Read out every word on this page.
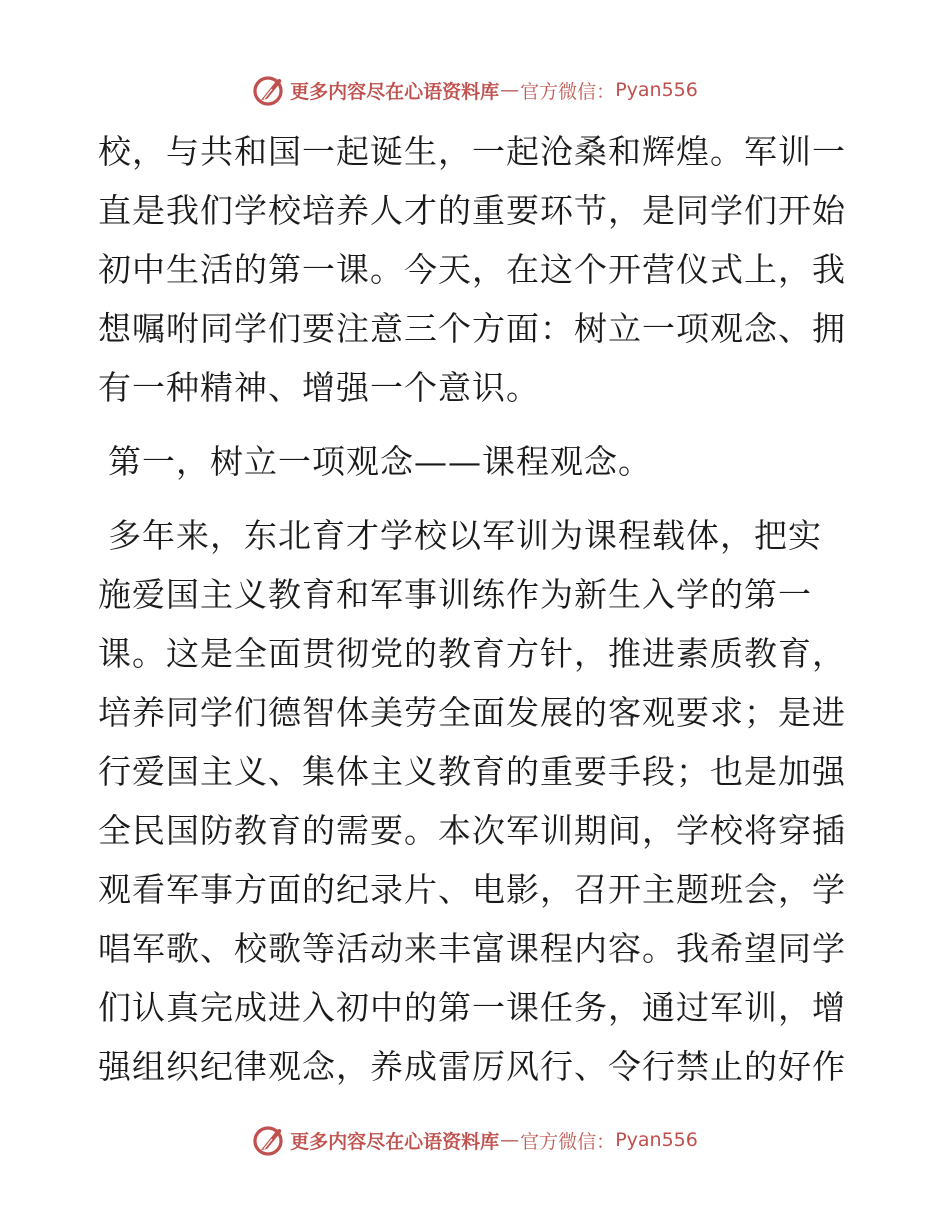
更多内容尽在心语资料库 — 官方微信： Pyan556
校，与共和国一起诞生，一起沧桑和辉煌。军训一
直是我们学校培养人才的重要环节，是同学们开始
初中生活的第一课。今天，在这个开营仪式上，我
想嘱咐同学们要注意三个方面：树立一项观念、拥
有一种精神、增强一个意识。
第一，树立一项观念——课程观念。
多年来，东北育才学校以军训为课程载体，把实
施爱国主义教育和军事训练作为新生入学的第一
课。这是全面贯彻党的教育方针，推进素质教育，
培养同学们德智体美劳全面发展的客观要求；是进
行爱国主义、集体主义教育的重要手段；也是加强
全民国防教育的需要。本次军训期间，学校将穿插
观看军事方面的纪录片、电影，召开主题班会，学
唱军歌、校歌等活动来丰富课程内容。我希望同学
们认真完成进入初中的第一课任务，通过军训，增
强组织纪律观念，养成雷厉风行、令行禁止的好作
更多内容尽在心语资料库 — 官方微信： Pyan556
